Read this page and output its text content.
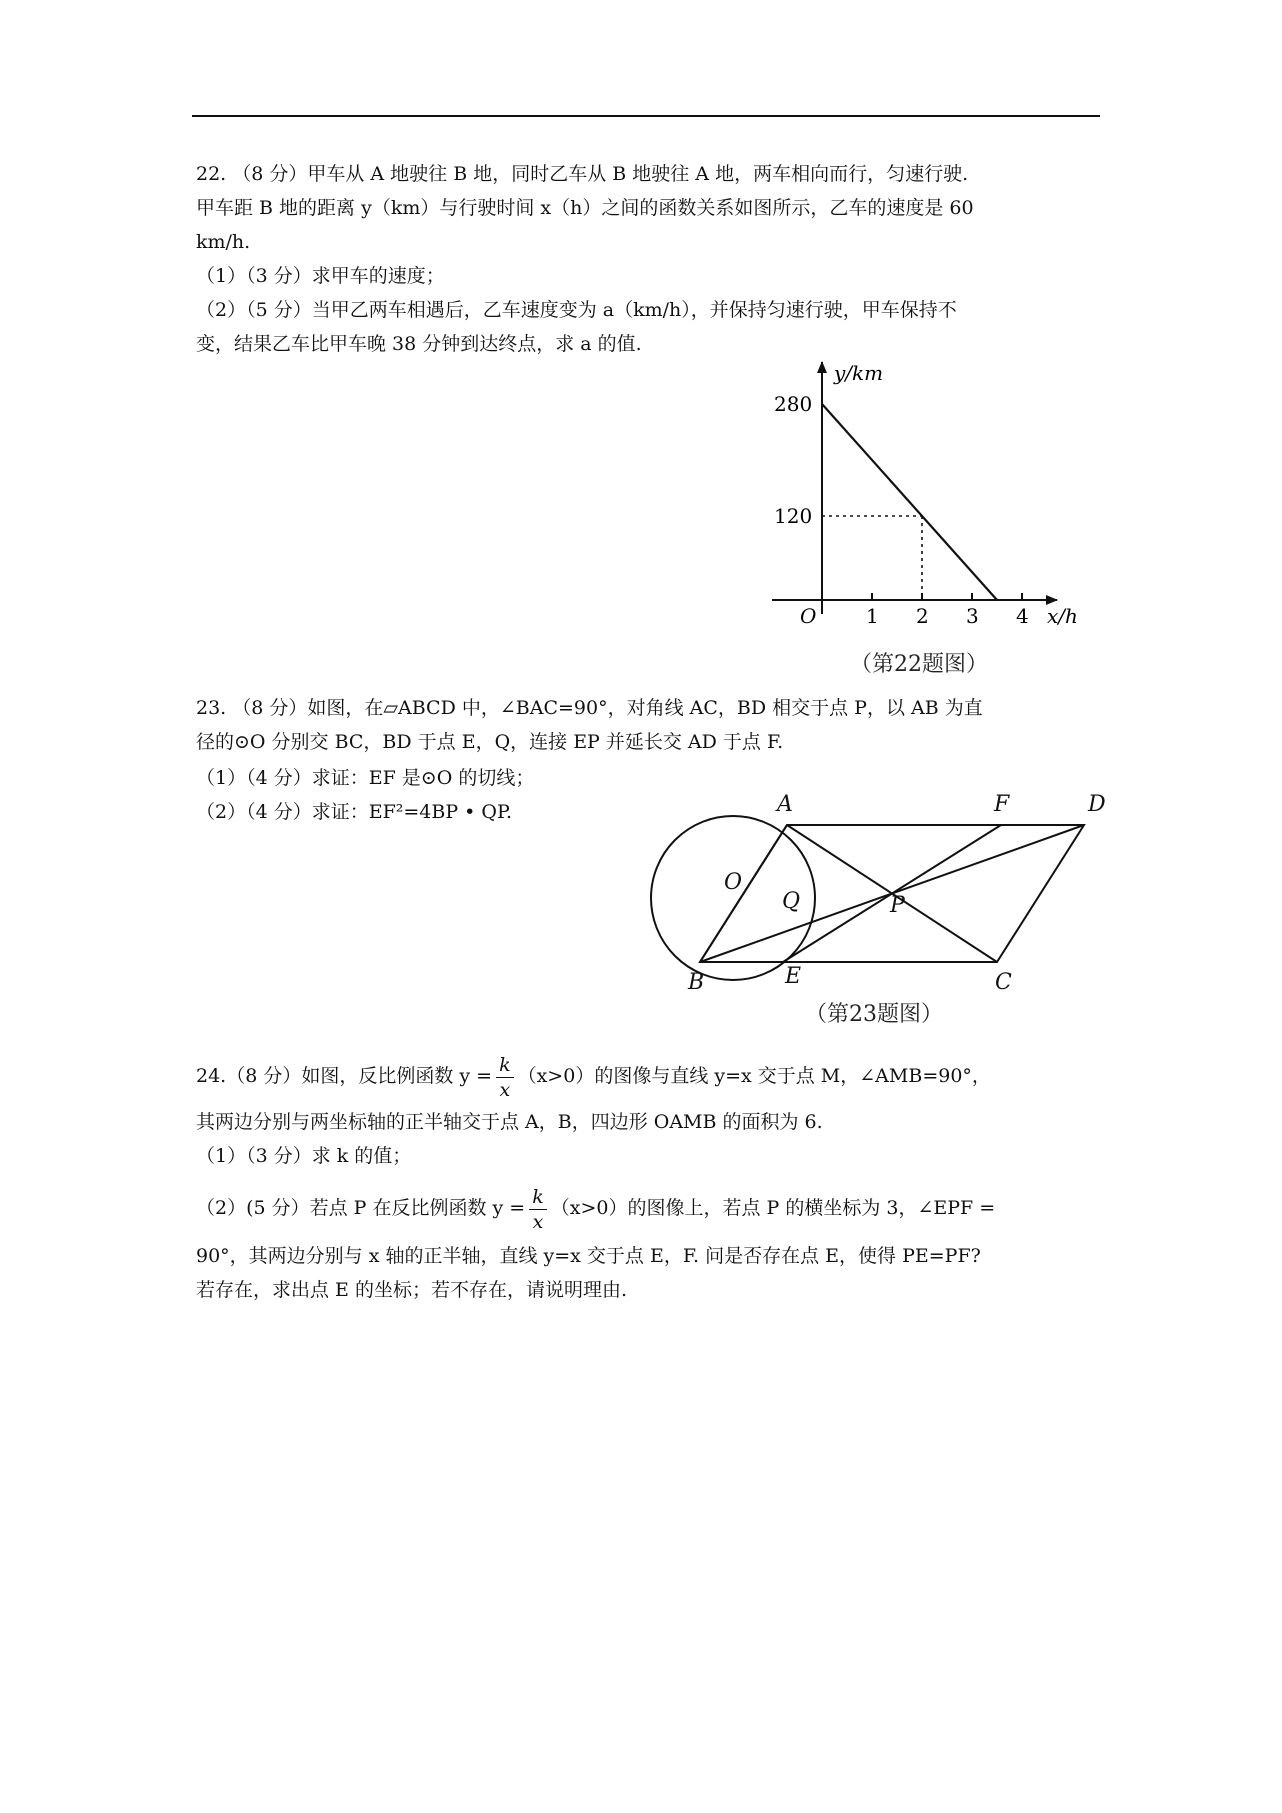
22. （8 分）甲车从 A 地驶往 B 地，同时乙车从 B 地驶往 A 地，两车相向而行，匀速行驶.
甲车距 B 地的距离 y（km）与行驶时间 x（h）之间的函数关系如图所示，乙车的速度是 60
km/h.
（1）（3 分）求甲车的速度；
（2）（5 分）当甲乙两车相遇后，乙车速度变为 a（km/h），并保持匀速行驶，甲车保持不
变，结果乙车比甲车晚 38 分钟到达终点，求 a 的值.
1 2 3 4
120
280
y/km
x/h
O
（第22题图）
23. （8 分）如图，在▱ABCD 中，∠BAC=90°，对角线 AC，BD 相交于点 P，以 AB 为直
径的⊙O 分别交 BC，BD 于点 E，Q，连接 EP 并延长交 AD 于点 F.
（1）（4 分）求证：EF 是⊙O 的切线；
（2）（4 分）求证：EF²=4BP • QP.	A	F	D
O
Q	P
B	E	C
（第23题图）
24.（8 分）如图，反比例函数 $y = \frac{k}{x} (x>0)$的图像与直线 y=x 交于点 M，∠AMB=90°，
其两边分别与两坐标轴的正半轴交于点 A，B，四边形 OAMB 的面积为 6.
（1）（3 分）求 k 的值；
（2）(5 分）若点 P 在反比例函数 $y = \frac{k}{x} (x>0)$的图像上，若点 P 的横坐标为 3，∠EPF =
90°，其两边分别与 x 轴的正半轴，直线 y=x 交于点 E，F. 问是否存在点 E，使得 PE=PF?
若存在，求出点 E 的坐标；若不存在，请说明理由.
